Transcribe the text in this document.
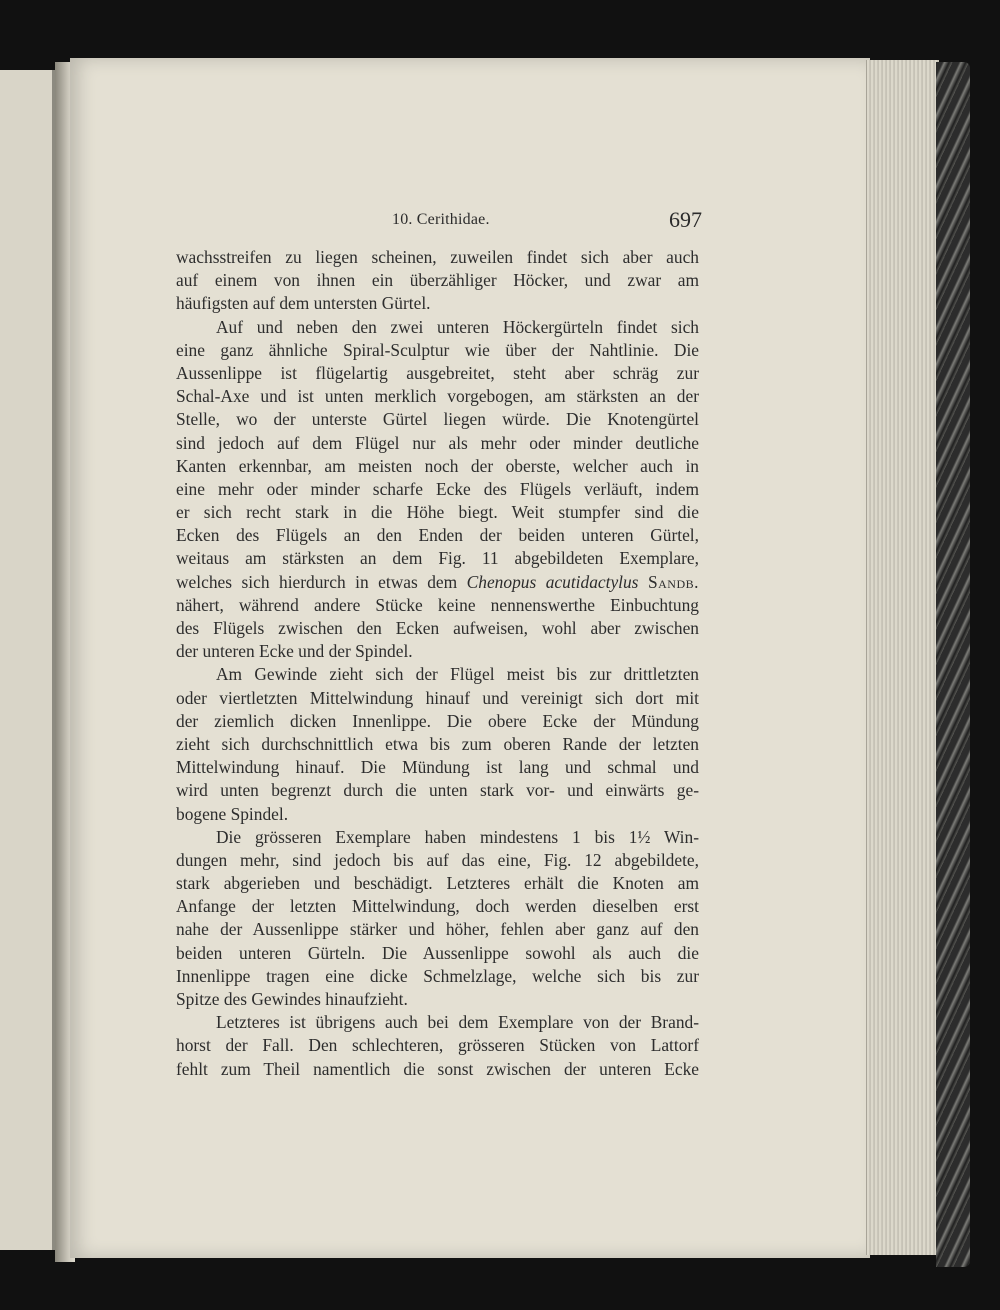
10. Cerithidae.	697
wachsstreifen zu liegen scheinen, zuweilen findet sich aber auch
auf einem von ihnen ein überzähliger Höcker, und zwar am
häufigsten auf dem untersten Gürtel.
Auf und neben den zwei unteren Höckergürteln findet sich
eine ganz ähnliche Spiral-Sculptur wie über der Nahtlinie. Die
Aussenlippe ist flügelartig ausgebreitet, steht aber schräg zur
Schal-Axe und ist unten merklich vorgebogen, am stärksten an der
Stelle, wo der unterste Gürtel liegen würde. Die Knotengürtel
sind jedoch auf dem Flügel nur als mehr oder minder deutliche
Kanten erkennbar, am meisten noch der oberste, welcher auch in
eine mehr oder minder scharfe Ecke des Flügels verläuft, indem
er sich recht stark in die Höhe biegt. Weit stumpfer sind die
Ecken des Flügels an den Enden der beiden unteren Gürtel,
weitaus am stärksten an dem Fig. 11 abgebildeten Exemplare,
welches sich hierdurch in etwas dem Chenopus acutidactylus Sandb.
nähert, während andere Stücke keine nennenswerthe Einbuchtung
des Flügels zwischen den Ecken aufweisen, wohl aber zwischen
der unteren Ecke und der Spindel.
Am Gewinde zieht sich der Flügel meist bis zur drittletzten
oder viertletzten Mittelwindung hinauf und vereinigt sich dort mit
der ziemlich dicken Innenlippe. Die obere Ecke der Mündung
zieht sich durchschnittlich etwa bis zum oberen Rande der letzten
Mittelwindung hinauf. Die Mündung ist lang und schmal und
wird unten begrenzt durch die unten stark vor- und einwärts ge-
bogene Spindel.
Die grösseren Exemplare haben mindestens 1 bis 1½ Win-
dungen mehr, sind jedoch bis auf das eine, Fig. 12 abgebildete,
stark abgerieben und beschädigt. Letzteres erhält die Knoten am
Anfange der letzten Mittelwindung, doch werden dieselben erst
nahe der Aussenlippe stärker und höher, fehlen aber ganz auf den
beiden unteren Gürteln. Die Aussenlippe sowohl als auch die
Innenlippe tragen eine dicke Schmelzlage, welche sich bis zur
Spitze des Gewindes hinaufzieht.
Letzteres ist übrigens auch bei dem Exemplare von der Brand-
horst der Fall. Den schlechteren, grösseren Stücken von Lattorf
fehlt zum Theil namentlich die sonst zwischen der unteren Ecke
